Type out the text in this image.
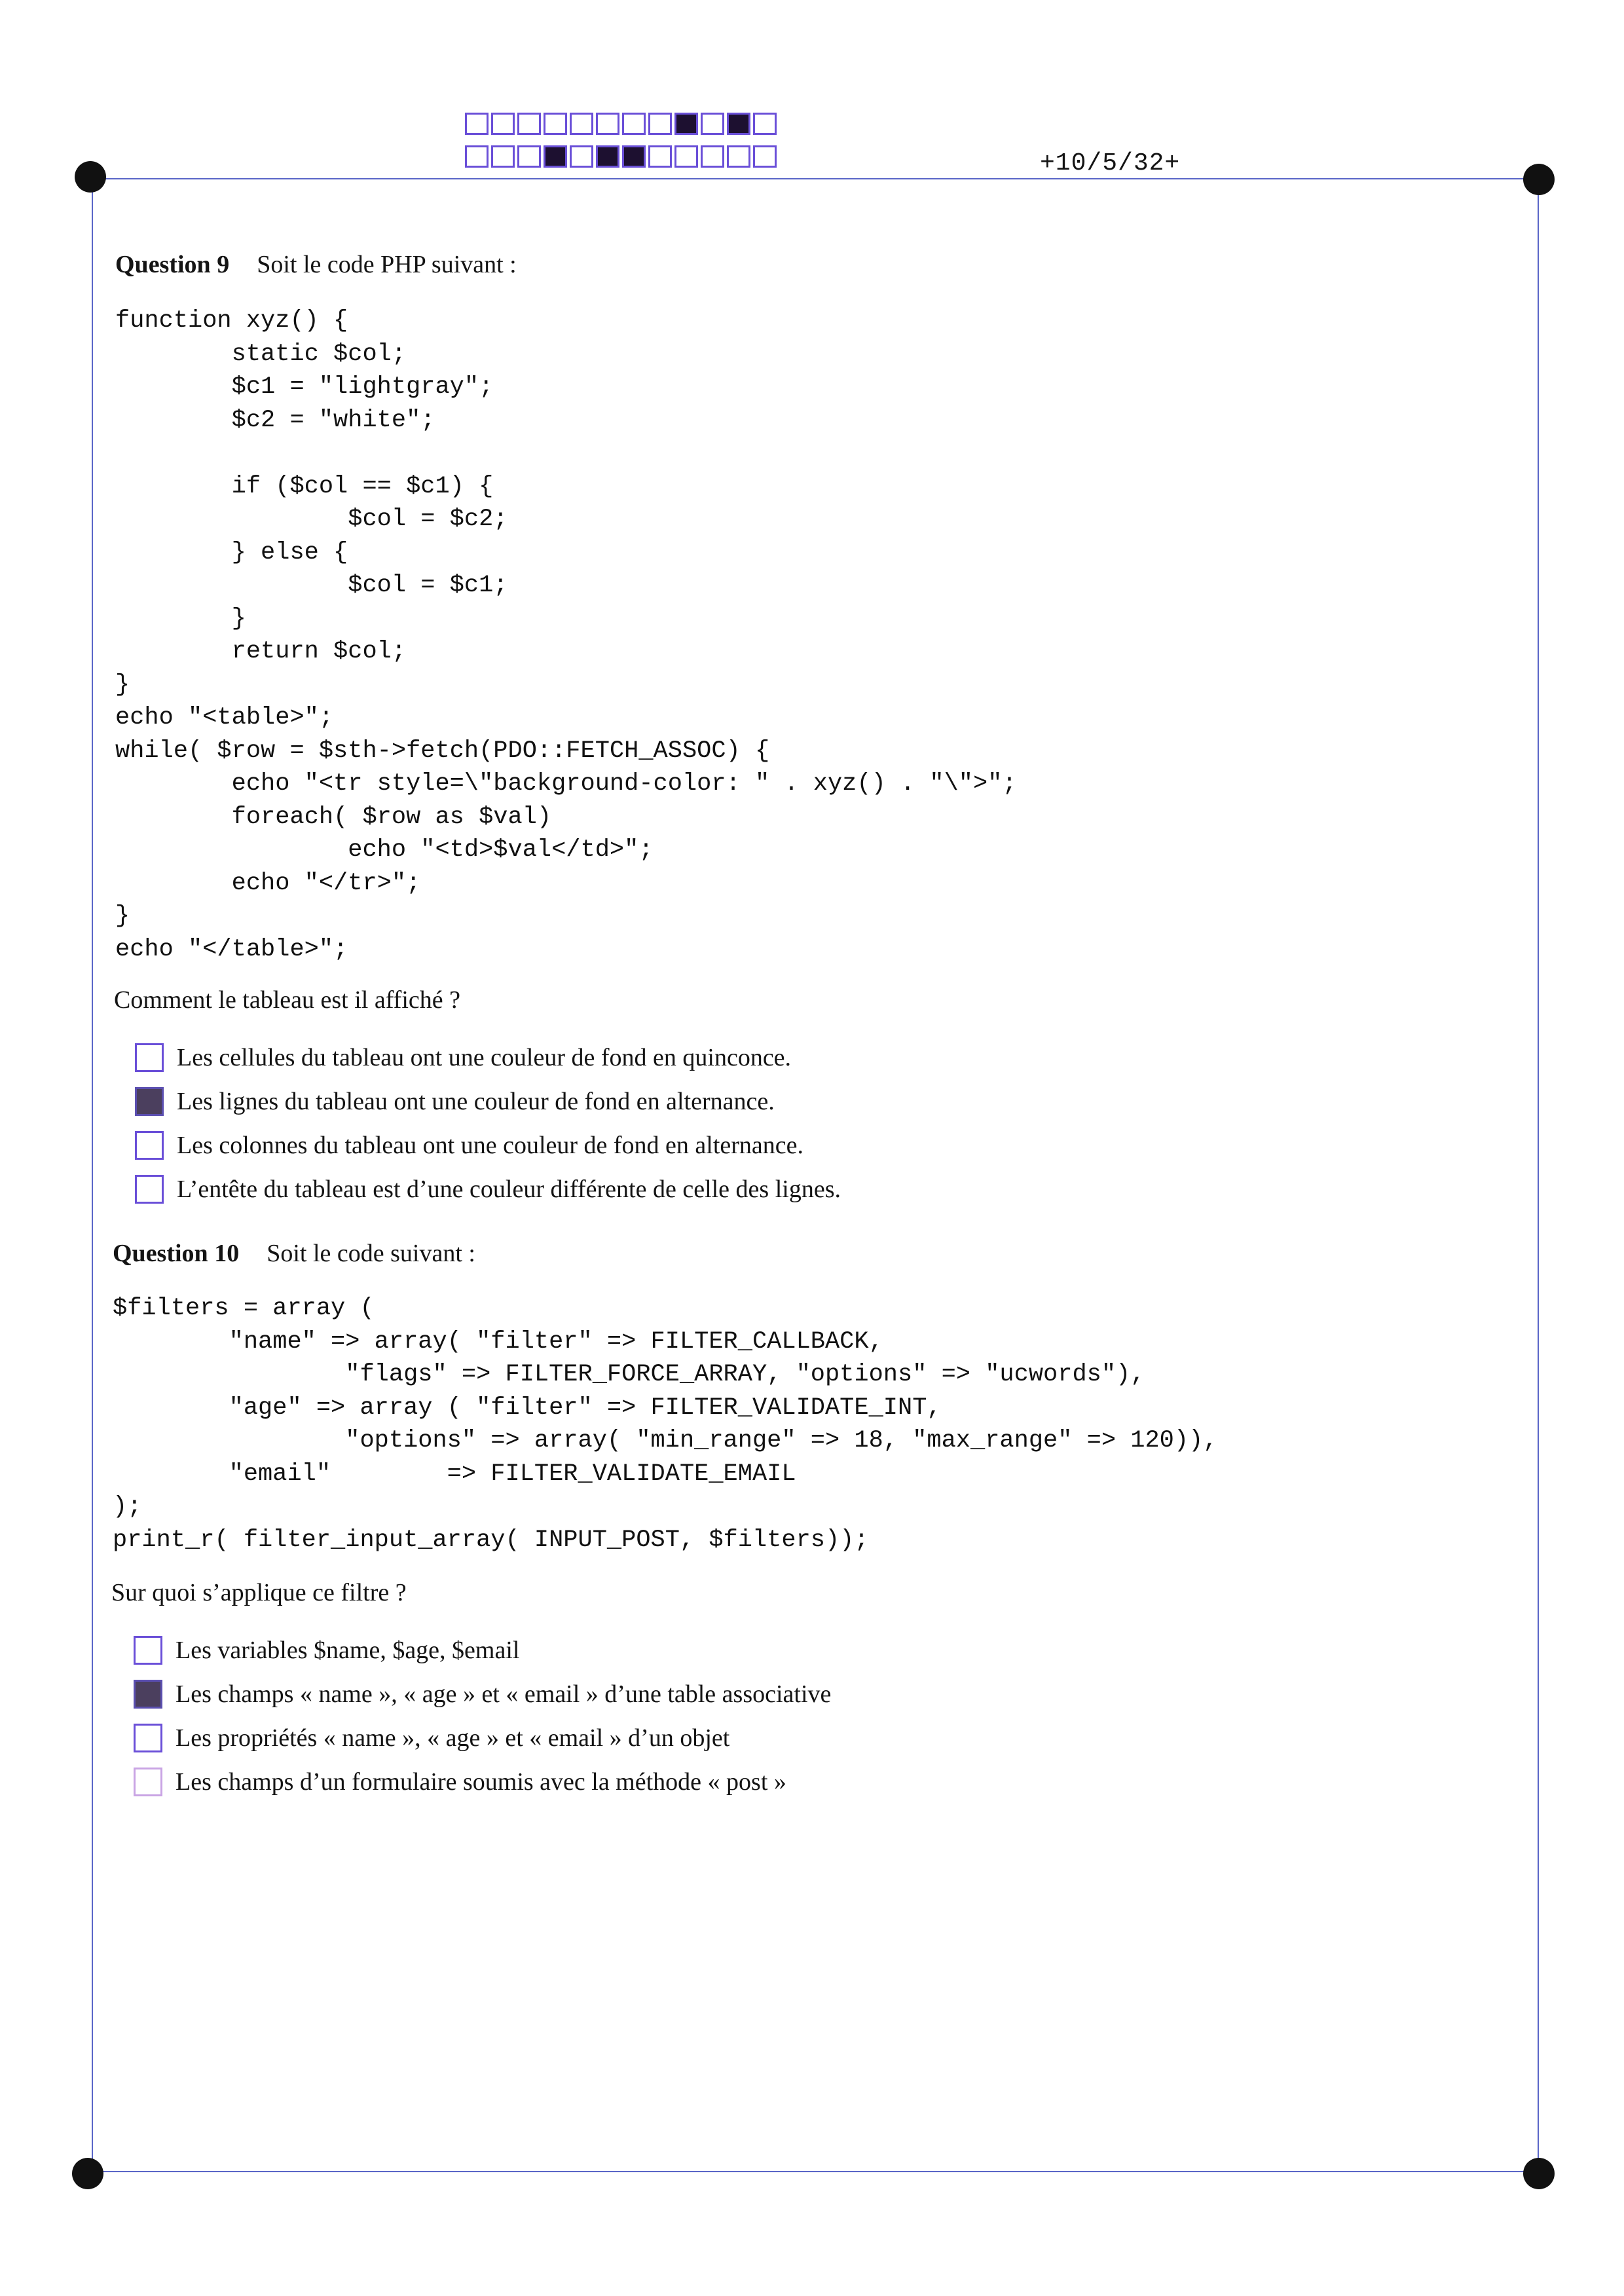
+10/5/32+
Question 9 Soit le code PHP suivant :
function xyz() {
static $col;
$c1 = "lightgray";
$c2 = "white";

if ($col == $c1) {
$col = $c2;
} else {
$col = $c1;
}
return $col;
}
echo "<table>";
while( $row = $sth->fetch(PDO::FETCH_ASSOC) {
echo "<tr style=\"background-color: " . xyz() . "\">";
foreach( $row as $val)
echo "<td>$val</td>";
echo "</tr>";
}
echo "</table>";
Comment le tableau est il affiché ?
Les cellules du tableau ont une couleur de fond en quinconce.
Les lignes du tableau ont une couleur de fond en alternance.
Les colonnes du tableau ont une couleur de fond en alternance.
L’entête du tableau est d’une couleur différente de celle des lignes.
Question 10 Soit le code suivant :
$filters = array (
"name" => array( "filter" => FILTER_CALLBACK,
"flags" => FILTER_FORCE_ARRAY, "options" => "ucwords"),
"age" => array ( "filter" => FILTER_VALIDATE_INT,
"options" => array( "min_range" => 18, "max_range" => 120)),
"email"        => FILTER_VALIDATE_EMAIL
);
print_r( filter_input_array( INPUT_POST, $filters));
Sur quoi s’applique ce filtre ?
Les variables $name, $age, $email
Les champs « name », « age » et « email » d’une table associative
Les propriétés « name », « age » et « email » d’un objet
Les champs d’un formulaire soumis avec la méthode « post »
